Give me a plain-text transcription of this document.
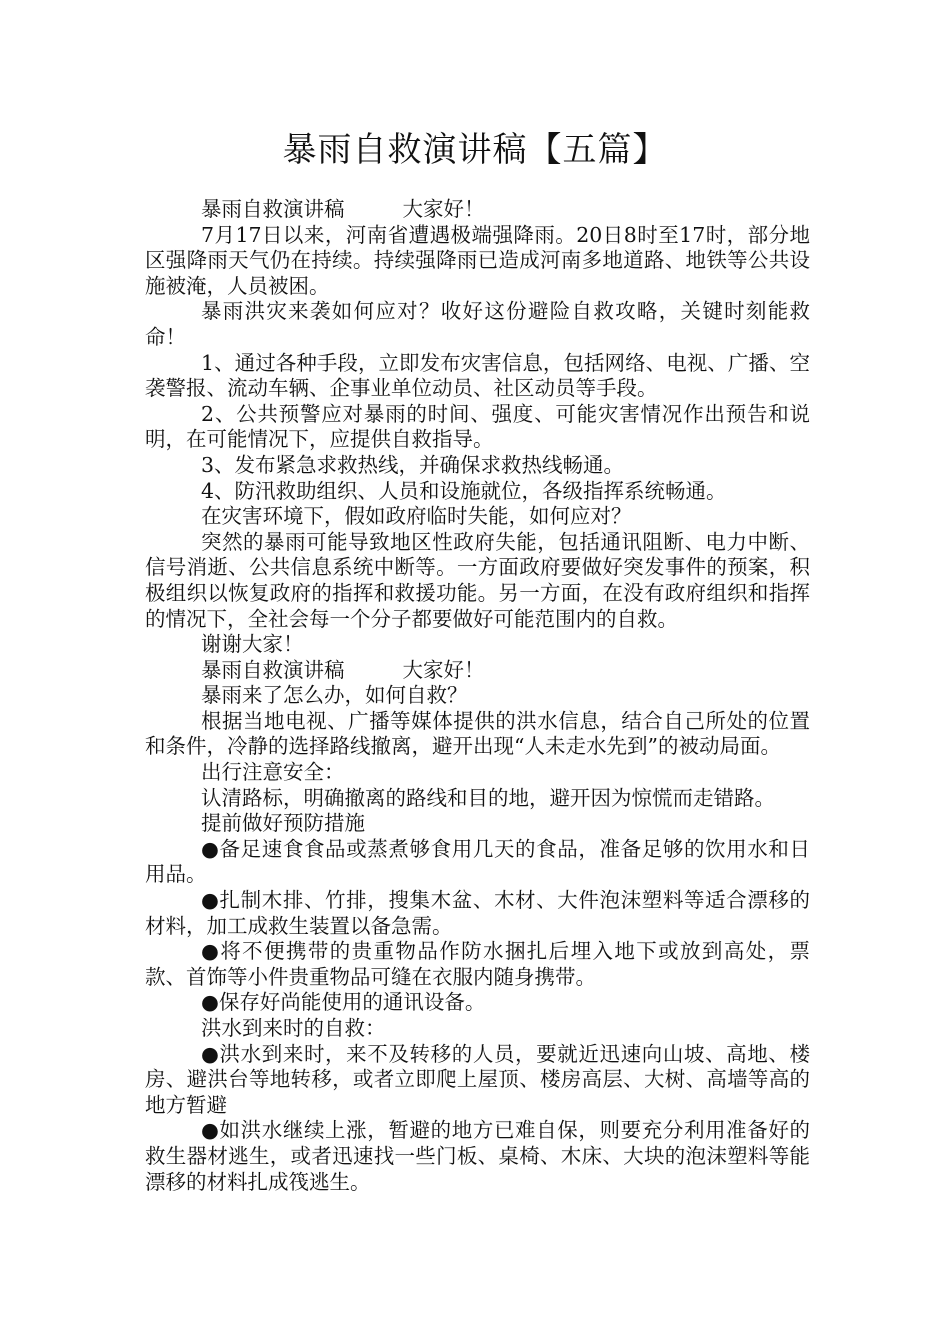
暴雨自救演讲稿【五篇】

暴雨自救演讲稿	大家好！

7月17日以来，河南省遭遇极端强降雨。20日8时至17时，部分地区强降雨天气仍在持续。持续强降雨已造成河南多地道路、地铁等公共设施被淹，人员被困。

暴雨洪灾来袭如何应对？收好这份避险自救攻略，关键时刻能救命！

1、通过各种手段，立即发布灾害信息，包括网络、电视、广播、空袭警报、流动车辆、企事业单位动员、社区动员等手段。

2、公共预警应对暴雨的时间、强度、可能灾害情况作出预告和说明，在可能情况下，应提供自救指导。

3、发布紧急求救热线，并确保求救热线畅通。

4、防汛救助组织、人员和设施就位，各级指挥系统畅通。

在灾害环境下，假如政府临时失能，如何应对？

突然的暴雨可能导致地区性政府失能，包括通讯阻断、电力中断、信号消逝、公共信息系统中断等。一方面政府要做好突发事件的预案，积极组织以恢复政府的指挥和救援功能。另一方面，在没有政府组织和指挥的情况下，全社会每一个分子都要做好可能范围内的自救。

谢谢大家！

暴雨自救演讲稿	大家好！

暴雨来了怎么办，如何自救？

根据当地电视、广播等媒体提供的洪水信息，结合自己所处的位置和条件，冷静的选择路线撤离，避开出现“人未走水先到”的被动局面。

出行注意安全：

认清路标，明确撤离的路线和目的地，避开因为惊慌而走错路。

提前做好预防措施

●备足速食食品或蒸煮够食用几天的食品，准备足够的饮用水和日用品。

●扎制木排、竹排，搜集木盆、木材、大件泡沫塑料等适合漂移的材料，加工成救生装置以备急需。

●将不便携带的贵重物品作防水捆扎后埋入地下或放到高处，票款、首饰等小件贵重物品可缝在衣服内随身携带。

●保存好尚能使用的通讯设备。

洪水到来时的自救：

●洪水到来时，来不及转移的人员，要就近迅速向山坡、高地、楼房、避洪台等地转移，或者立即爬上屋顶、楼房高层、大树、高墙等高的地方暂避

●如洪水继续上涨，暂避的地方已难自保，则要充分利用准备好的救生器材逃生，或者迅速找一些门板、桌椅、木床、大块的泡沫塑料等能漂移的材料扎成筏逃生。
